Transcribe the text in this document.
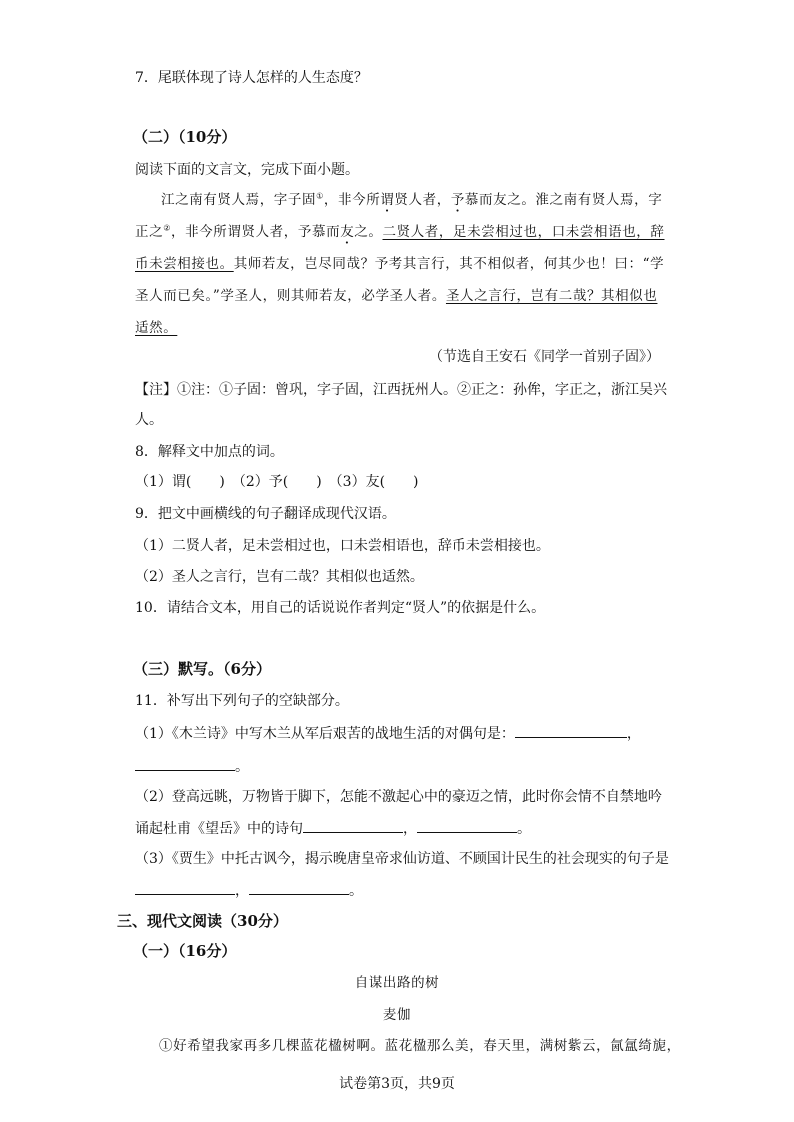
7．尾联体现了诗人怎样的人生态度？
（二）（10分）
阅读下面的文言文，完成下面小题。
江之南有贤人焉，字子固①，非今所谓贤人者，予慕而友之。淮之南有贤人焉，字
正之②，非今所谓贤人者，予慕而友之。二贤人者，足未尝相过也，口未尝相语也，辞
币未尝相接也。其师若友，岂尽同哉？予考其言行，其不相似者，何其少也！曰：“学
圣人而已矣。”学圣人，则其师若友，必学圣人者。圣人之言行，岂有二哉？其相似也
适然。
（节选自王安石《同学一首别子固》）
【注】①注：①子固：曾巩，字子固，江西抚州人。②正之：孙侔，字正之，浙江吴兴
人。
8．解释文中加点的词。
（1）谓(　　)　（2）予(　　)　（3）友(　　)
9．把文中画横线的句子翻译成现代汉语。
（1）二贤人者，足未尝相过也，口未尝相语也，辞币未尝相接也。
（2）圣人之言行，岂有二哉？其相似也适然。
10．请结合文本，用自己的话说说作者判定“贤人”的依据是什么。
（三）默写。（6分）
11．补写出下列句子的空缺部分。
（1）《木兰诗》中写木兰从军后艰苦的战地生活的对偶句是：	，
。
（2）登高远眺，万物皆于脚下，怎能不激起心中的豪迈之情，此时你会情不自禁地吟
诵起杜甫《望岳》中的诗句	，	。
（3）《贾生》中托古讽今，揭示晚唐皇帝求仙访道、不顾国计民生的社会现实的句子是
，	。
三、现代文阅读（30分）
（一）（16分）
自谋出路的树
麦伽
①好希望我家再多几棵蓝花楹树啊。蓝花楹那么美，春天里，满树紫云，氤氲绮旎，
试卷第3页，共9页
